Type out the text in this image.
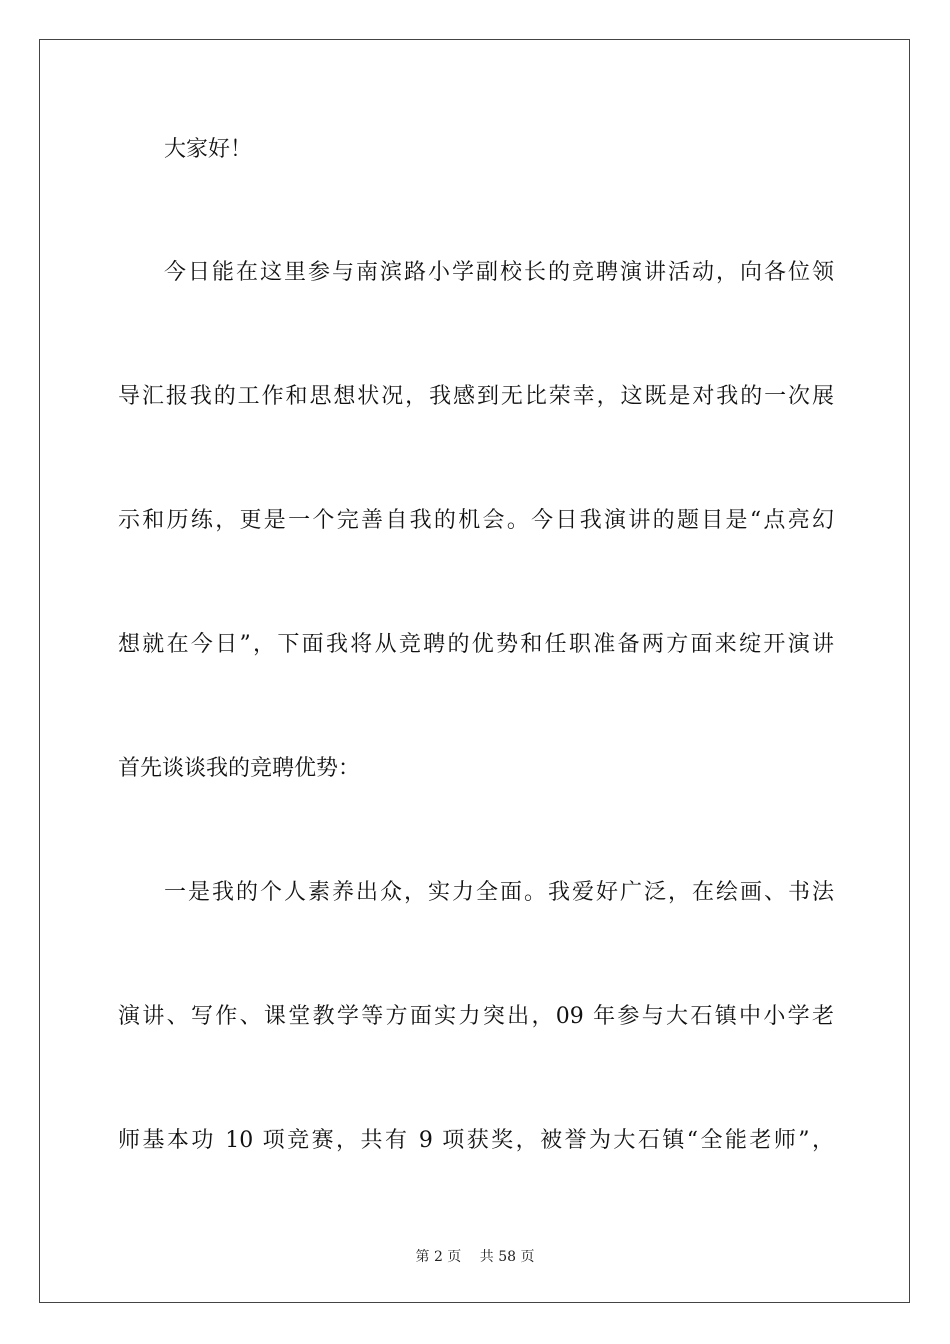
大家好！
今日能在这里参与南滨路小学副校长的竞聘演讲活动，向各位领
导汇报我的工作和思想状况，我感到无比荣幸，这既是对我的一次展
示和历练，更是一个完善自我的机会。今日我演讲的题目是“点亮幻
想就在今日”，下面我将从竞聘的优势和任职准备两方面来绽开演讲
首先谈谈我的竞聘优势：
一是我的个人素养出众，实力全面。我爱好广泛，在绘画、书法
演讲、写作、课堂教学等方面实力突出，09 年参与大石镇中小学老
师基本功 10 项竞赛，共有 9 项获奖，被誉为大石镇“全能老师”，
第 2 页 共 58 页
